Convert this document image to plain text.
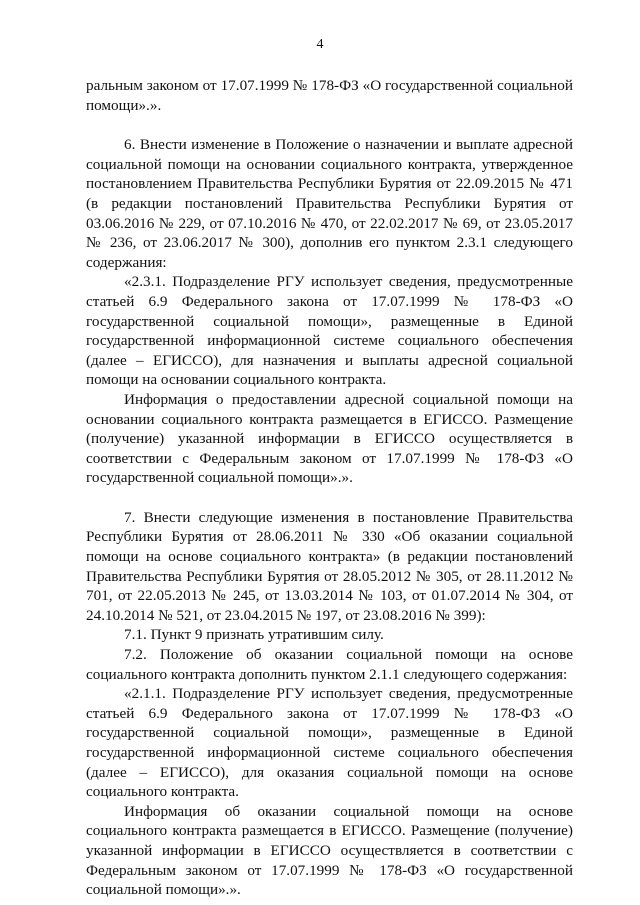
4

ральным законом от 17.07.1999 № 178-ФЗ «О государственной социальной помощи».».

6. Внести изменение в Положение о назначении и выплате адресной социальной помощи на основании социального контракта, утвержденное постановлением Правительства Республики Бурятия от 22.09.2015 № 471 (в редакции постановлений Правительства Республики Бурятия от 03.06.2016 № 229, от 07.10.2016 № 470, от 22.02.2017 № 69, от 23.05.2017 № 236, от 23.06.2017 № 300), дополнив его пунктом 2.3.1 следующего содержания:

«2.3.1. Подразделение РГУ использует сведения, предусмотренные статьей 6.9 Федерального закона от 17.07.1999 № 178-ФЗ «О государственной социальной помощи», размещенные в Единой государственной информационной системе социального обеспечения (далее – ЕГИССО), для назначения и выплаты адресной социальной помощи на основании социального контракта.

Информация о предоставлении адресной социальной помощи на основании социального контракта размещается в ЕГИССО. Размещение (получение) указанной информации в ЕГИССО осуществляется в соответствии с Федеральным законом от 17.07.1999 № 178-ФЗ «О государственной социальной помощи».».

7. Внести следующие изменения в постановление Правительства Республики Бурятия от 28.06.2011 № 330 «Об оказании социальной помощи на основе социального контракта» (в редакции постановлений Правительства Республики Бурятия от 28.05.2012 № 305, от 28.11.2012 № 701, от 22.05.2013 № 245, от 13.03.2014 № 103, от 01.07.2014 № 304, от 24.10.2014 № 521, от 23.04.2015 № 197, от 23.08.2016 № 399):

7.1. Пункт 9 признать утратившим силу.

7.2. Положение об оказании социальной помощи на основе социального контракта дополнить пунктом 2.1.1 следующего содержания:

«2.1.1. Подразделение РГУ использует сведения, предусмотренные статьей 6.9 Федерального закона от 17.07.1999 № 178-ФЗ «О государственной социальной помощи», размещенные в Единой государственной информационной системе социального обеспечения (далее – ЕГИССО), для оказания социальной помощи на основе социального контракта.

Информация об оказании социальной помощи на основе социального контракта размещается в ЕГИССО. Размещение (получение) указанной информации в ЕГИССО осуществляется в соответствии с Федеральным законом от 17.07.1999 № 178-ФЗ «О государственной социальной помощи».».
